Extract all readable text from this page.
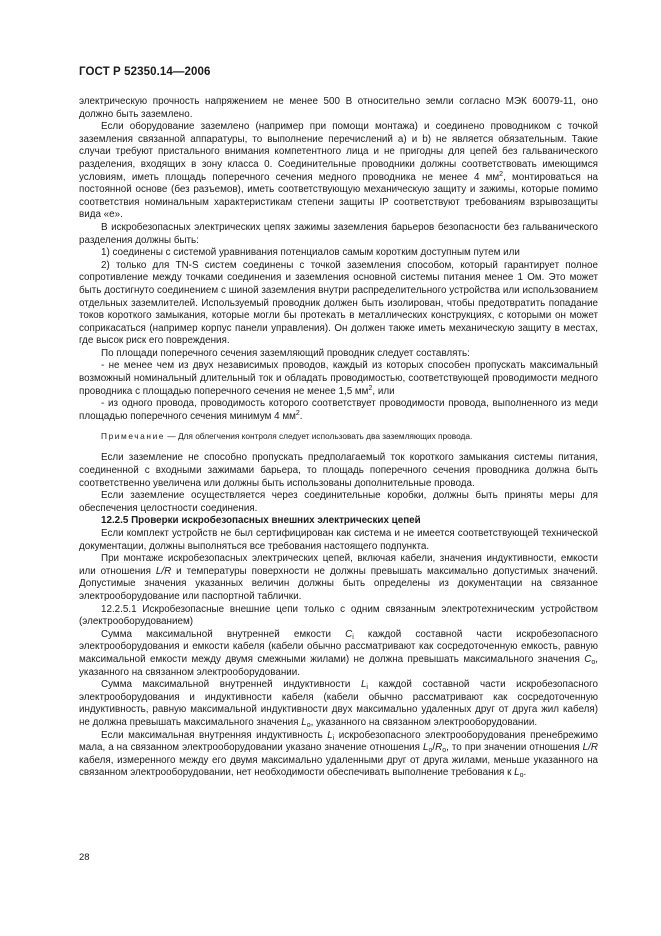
ГОСТ Р 52350.14—2006

электрическую прочность напряжением не менее 500 В относительно земли согласно МЭК 60079-11, оно должно быть заземлено.

Если оборудование заземлено (например при помощи монтажа) и соединено проводником с точкой заземления связанной аппаратуры, то выполнение перечислений a) и b) не является обязательным. Такие случаи требуют пристального внимания компетентного лица и не пригодны для цепей без гальванического разделения, входящих в зону класса 0. Соединительные проводники должны соответствовать имеющимся условиям, иметь площадь поперечного сечения медного проводника не менее 4 $мм^2$, монтироваться на постоянной основе (без разъемов), иметь соответствующую механическую защиту и зажимы, которые помимо соответствия номинальным характеристикам степени защиты IP соответствуют требованиям взрывозащиты вида «е».

В искробезопасных электрических цепях зажимы заземления барьеров безопасности без гальванического разделения должны быть:

1) соединены с системой уравнивания потенциалов самым коротким доступным путем или

2) только для TN-S систем соединены с точкой заземления способом, который гарантирует полное сопротивление между точками соединения и заземления основной системы питания менее 1 Ом. Это может быть достигнуто соединением с шиной заземления внутри распределительного устройства или использованием отдельных заземлителей. Используемый проводник должен быть изолирован, чтобы предотвратить попадание токов короткого замыкания, которые могли бы протекать в металлических конструкциях, с которыми он может соприкасаться (например корпус панели управления). Он должен также иметь механическую защиту в местах, где высок риск его повреждения.

По площади поперечного сечения заземляющий проводник следует составлять:

- не менее чем из двух независимых проводов, каждый из которых способен пропускать максимальный возможный номинальный длительный ток и обладать проводимостью, соответствующей проводимости медного проводника с площадью поперечного сечения не менее 1,5 $мм^2$, или

- из одного провода, проводимость которого соответствует проводимости провода, выполненного из меди площадью поперечного сечения минимум 4 $мм^2$.

Примечание — Для облегчения контроля следует использовать два заземляющих провода.

Если заземление не способно пропускать предполагаемый ток короткого замыкания системы питания, соединенной с входными зажимами барьера, то площадь поперечного сечения проводника должна быть соответственно увеличена или должны быть использованы дополнительные провода.

Если заземление осуществляется через соединительные коробки, должны быть приняты меры для обеспечения целостности соединения.

12.2.5 Проверки искробезопасных внешних электрических цепей

Если комплект устройств не был сертифицирован как система и не имеется соответствующей технической документации, должны выполняться все требования настоящего подпункта.

При монтаже искробезопасных электрических цепей, включая кабели, значения индуктивности, емкости или отношения L/R и температуры поверхности не должны превышать максимально допустимых значений. Допустимые значения указанных величин должны быть определены из документации на связанное электрооборудование или паспортной таблички.

12.2.5.1 Искробезопасные внешние цепи только с одним связанным электротехническим устройством (электрооборудованием)

Сумма максимальной внутренней емкости $C_i$ каждой составной части искробезопасного электрооборудования и емкости кабеля (кабели обычно рассматривают как сосредоточенную емкость, равную максимальной емкости между двумя смежными жилами) не должна превышать максимального значения $C_o$, указанного на связанном электрооборудовании.

Сумма максимальной внутренней индуктивности $L_i$ каждой составной части искробезопасного электрооборудования и индуктивности кабеля (кабели обычно рассматривают как сосредоточенную индуктивность, равную максимальной индуктивности двух максимально удаленных друг от друга жил кабеля) не должна превышать максимального значения $L_o$, указанного на связанном электрооборудовании.

Если максимальная внутренняя индуктивность $L_i$ искробезопасного электрооборудования пренебрежимо мала, а на связанном электрооборудовании указано значение отношения $L_o/R_o$, то при значении отношения L/R кабеля, измеренного между его двумя максимально удаленными друг от друга жилами, меньше указанного на связанном электрооборудовании, нет необходимости обеспечивать выполнение требования к $L_o$.

28
